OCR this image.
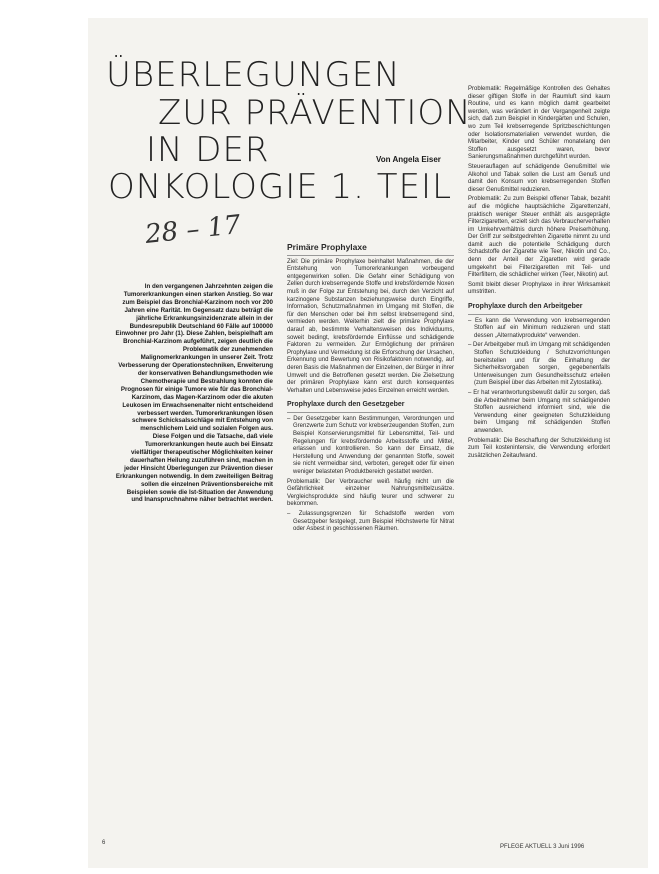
ÜBERLEGUNGEN
ZUR PRÄVENTION
IN DER
ONKOLOGIE 1. TEIL
Von Angela Eiser
28 – 17

In den vergangenen Jahrzehnten zeigen die Tumorerkrankungen einen starken Anstieg. So war zum Beispiel das Bronchial-Karzinom noch vor 200 Jahren eine Rarität. Im Gegensatz dazu beträgt die jährliche Erkrankungsinzidenzrate allein in der Bundesrepublik Deutschland 60 Fälle auf 100000 Einwohner pro Jahr (1). Diese Zahlen, beispielhaft am Bronchial-Karzinom aufgeführt, zeigen deutlich die Problematik der zunehmenden Malignomerkrankungen in unserer Zeit. Trotz Verbesserung der Operationstechniken, Erweiterung der konservativen Behandlungsmethoden wie Chemotherapie und Bestrahlung konnten die Prognosen für einige Tumore wie für das Bronchial-Karzinom, das Magen-Karzinom oder die akuten Leukosen im Erwachsenenalter nicht entscheidend verbessert werden. Tumorerkrankungen lösen schwere Schicksalsschläge mit Entstehung von menschlichem Leid und sozialen Folgen aus.

Diese Folgen und die Tatsache, daß viele Tumorerkrankungen heute auch bei Einsatz vielfältiger therapeutischer Möglichkeiten keiner dauerhaften Heilung zuzuführen sind, machen in jeder Hinsicht Überlegungen zur Prävention dieser Erkrankungen notwendig. In dem zweiteiligen Beitrag sollen die einzelnen Präventionsbereiche mit Beispielen sowie die Ist-Situation der Anwendung und Inanspruchnahme näher betrachtet werden.

Primäre Prophylaxe

Ziel: Die primäre Prophylaxe beinhaltet Maßnahmen, die der Entstehung von Tumorerkrankungen vorbeugend entgegenwirken sollen. Die Gefahr einer Schädigung von Zellen durch krebserregende Stoffe und krebsfördernde Noxen muß in der Folge zur Entstehung bei, durch den Verzicht auf karzinogene Substanzen beziehungsweise durch Eingriffe, Information, Schutzmaßnahmen im Umgang mit Stoffen, die für den Menschen oder bei ihm selbst krebserregend sind, vermieden werden. Weiterhin zielt die primäre Prophylaxe darauf ab, bestimmte Verhaltensweisen des Individuums, soweit bedingt, krebsfördernde Einflüsse und schädigende Faktoren zu vermeiden. Zur Ermöglichung der primären Prophylaxe und Vermeidung ist die Erforschung der Ursachen, Erkennung und Bewertung von Risikofaktoren notwendig, auf deren Basis die Maßnahmen der Einzelnen, der Bürger in ihrer Umwelt und die Betroffenen gesetzt werden. Die Zielsetzung der primären Prophylaxe kann erst durch konsequentes Verhalten und Lebensweise jedes Einzelnen erreicht werden.

Prophylaxe durch den Gesetzgeber
– Der Gesetzgeber kann Bestimmungen, Verordnungen und Grenzwerte zum Schutz vor krebserzeugenden Stoffen, zum Beispiel Konservierungsmittel für Lebensmittel, Teil- und Regelungen für krebsfördernde Arbeitsstoffe und Mittel, erlassen und kontrollieren. So kann der Einsatz, die Herstellung und Anwendung der genannten Stoffe, soweit sie nicht vermeidbar sind, verboten, geregelt oder für einen weniger belasteten Produktbereich gestattet werden.

Problematik: Der Verbraucher weiß häufig nicht um die Gefährlichkeit einzelner Nahrungsmittelzusätze. Vergleichsprodukte sind häufig teurer und schwerer zu bekommen.

– Zulassungsgrenzen für Schadstoffe werden vom Gesetzgeber festgelegt, zum Beispiel Höchstwerte für Nitrat oder Asbest in geschlossenen Räumen.

Problematik: Regelmäßige Kontrollen des Gehaltes dieser giftigen Stoffe in der Raumluft sind kaum Routine, und es kann möglich damit gearbeitet werden, was verändert in der Vergangenheit zeigte sich, daß zum Beispiel in Kindergärten und Schulen, wo zum Teil krebserregende Spritzbeschichtungen oder Isolationsmaterialien verwendet wurden, die Mitarbeiter, Kinder und Schüler monatelang den Stoffen ausgesetzt waren, bevor Sanierungsmaßnahmen durchgeführt wurden.

Steuerauflagen auf schädigende Genußmittel wie Alkohol und Tabak sollen die Lust am Genuß und damit den Konsum von krebserregenden Stoffen dieser Genußmittel reduzieren.

Problematik: Zu zum Beispiel offener Tabak, bezahlt auf die mögliche hauptsächliche Zigarettenzahl, praktisch weniger Steuer enthält als ausgeprägte Filterzigaretten, erzielt sich das Verbraucherverhalten im Umkehrverhältnis durch höhere Preiserhöhung. Der Griff zur selbstgedrehten Zigarette nimmt zu und damit auch die potentielle Schädigung durch Schadstoffe der Zigarette wie Teer, Nikotin und Co., denn der Anteil der Zigaretten wird gerade umgekehrt bei Filterzigaretten mit Teil- und Filterfiltern, die schädlicher wirken (Teer, Nikotin) auf.

Somit bleibt dieser Prophylaxe in ihrer Wirksamkeit umstritten.

Prophylaxe durch den Arbeitgeber
– Es kann die Verwendung von krebserregenden Stoffen auf ein Minimum reduzieren und statt dessen „Alternativprodukte“ verwenden.
– Der Arbeitgeber muß im Umgang mit schädigenden Stoffen Schutzkleidung / Schutzvorrichtungen bereitstellen und für die Einhaltung der Sicherheitsvorgaben sorgen, gegebenenfalls Unterweisungen zum Gesundheitsschutz erteilen (zum Beispiel über das Arbeiten mit Zytostatika).
– Er hat verantwortungsbewußt dafür zu sorgen, daß die Arbeitnehmer beim Umgang mit schädigenden Stoffen ausreichend informiert sind, wie die Verwendung einer geeigneten Schutzkleidung beim Umgang mit schädigenden Stoffen anwenden.

Problematik: Die Beschaffung der Schutzkleidung ist zum Teil kostenintensiv, die Verwendung erfordert zusätzlichen Zeitaufwand.

6
PFLEGE AKTUELL 3 Juni 1996
